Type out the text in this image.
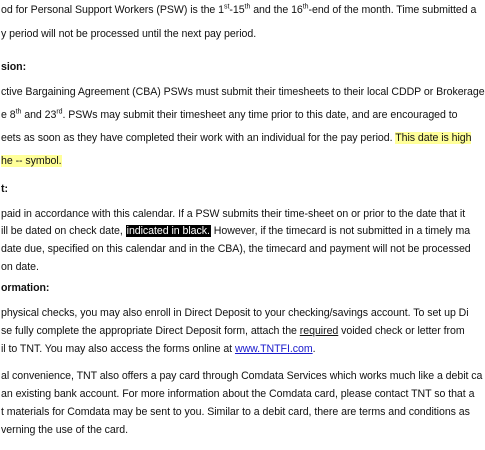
od for Personal Support Workers (PSW) is the 1st-15th and the 16th-end of the month. Time submitted a
y period will not be processed until the next pay period.
sion:
ctive Bargaining Agreement (CBA) PSWs must submit their timesheets to their local CDDP or Brokerage
e 8th and 23rd. PSWs may submit their timesheet any time prior to this date, and are encouraged to
eets as soon as they have completed their work with an individual for the pay period. This date is high
he -- symbol.
t:
paid in accordance with this calendar. If a PSW submits their time-sheet on or prior to the date that it
ill be dated on check date, indicated in black. However, if the timecard is not submitted in a timely ma
date due, specified on this calendar and in the CBA), the timecard and payment will not be processed
on date.
ormation:
physical checks, you may also enroll in Direct Deposit to your checking/savings account. To set up Di
se fully complete the appropriate Direct Deposit form, attach the required voided check or letter from
il to TNT. You may also access the forms online at www.TNTFI.com.
al convenience, TNT also offers a pay card through Comdata Services which works much like a debit ca
an existing bank account. For more information about the Comdata card, please contact TNT so that a
t materials for Comdata may be sent to you. Similar to a debit card, there are terms and conditions as
verning the use of the card.
